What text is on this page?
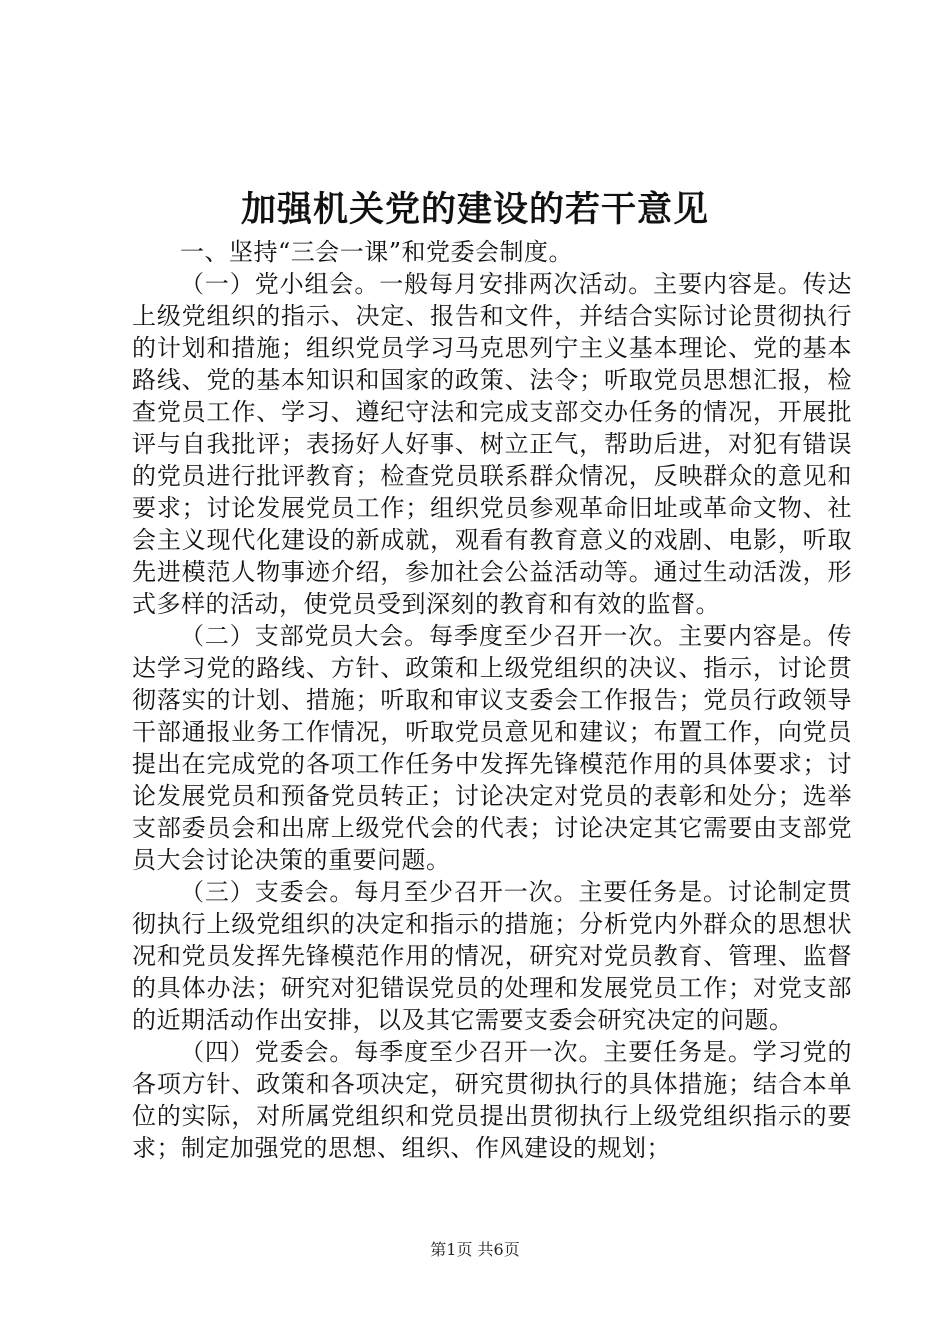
加强机关党的建设的若干意见

一、坚持“三会一课”和党委会制度。

（一）党小组会。一般每月安排两次活动。主要内容是。传达上级党组织的指示、决定、报告和文件，并结合实际讨论贯彻执行的计划和措施；组织党员学习马克思列宁主义基本理论、党的基本路线、党的基本知识和国家的政策、法令；听取党员思想汇报，检查党员工作、学习、遵纪守法和完成支部交办任务的情况，开展批评与自我批评；表扬好人好事、树立正气，帮助后进，对犯有错误的党员进行批评教育；检查党员联系群众情况，反映群众的意见和要求；讨论发展党员工作；组织党员参观革命旧址或革命文物、社会主义现代化建设的新成就，观看有教育意义的戏剧、电影，听取先进模范人物事迹介绍，参加社会公益活动等。通过生动活泼，形式多样的活动，使党员受到深刻的教育和有效的监督。

（二）支部党员大会。每季度至少召开一次。主要内容是。传达学习党的路线、方针、政策和上级党组织的决议、指示，讨论贯彻落实的计划、措施；听取和审议支委会工作报告；党员行政领导干部通报业务工作情况，听取党员意见和建议；布置工作，向党员提出在完成党的各项工作任务中发挥先锋模范作用的具体要求；讨论发展党员和预备党员转正；讨论决定对党员的表彰和处分；选举支部委员会和出席上级党代会的代表；讨论决定其它需要由支部党员大会讨论决策的重要问题。

（三）支委会。每月至少召开一次。主要任务是。讨论制定贯彻执行上级党组织的决定和指示的措施；分析党内外群众的思想状况和党员发挥先锋模范作用的情况，研究对党员教育、管理、监督的具体办法；研究对犯错误党员的处理和发展党员工作；对党支部的近期活动作出安排，以及其它需要支委会研究决定的问题。

（四）党委会。每季度至少召开一次。主要任务是。学习党的各项方针、政策和各项决定，研究贯彻执行的具体措施；结合本单位的实际，对所属党组织和党员提出贯彻执行上级党组织指示的要求；制定加强党的思想、组织、作风建设的规划；

第1页 共6页
